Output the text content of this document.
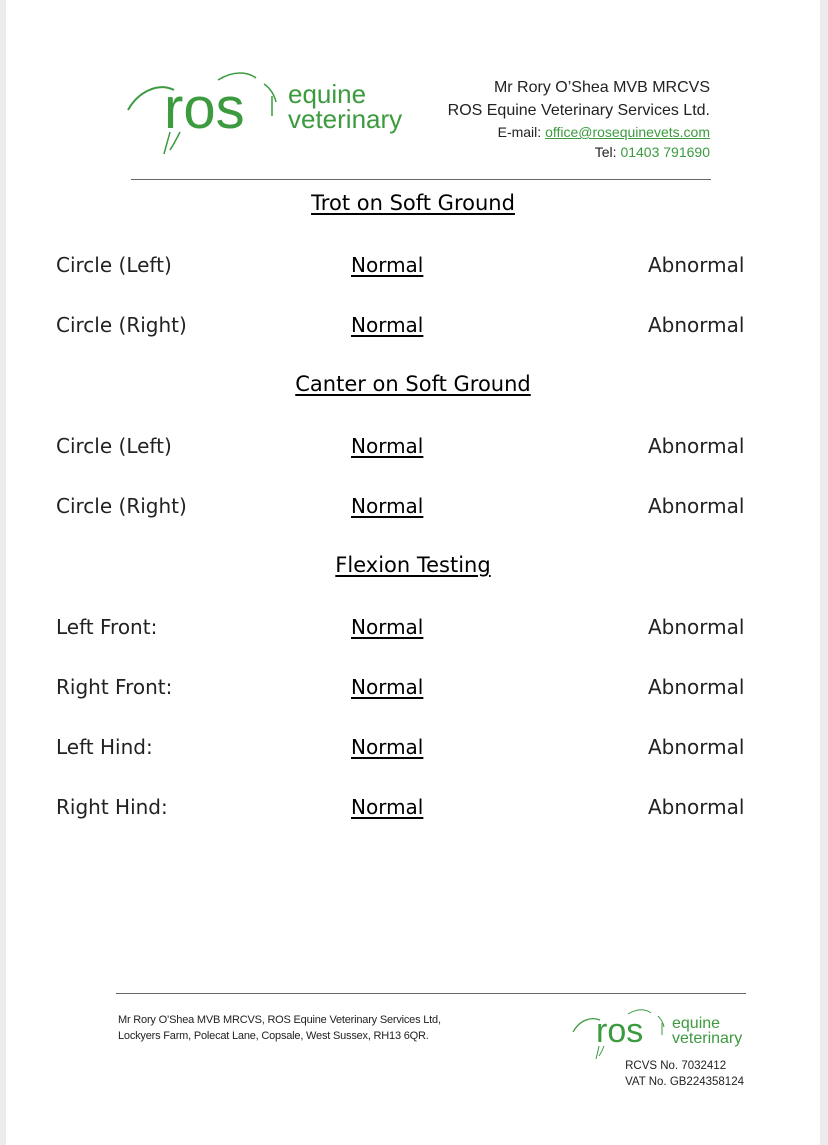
ros equine
veterinary
Mr Rory O’Shea MVB MRCVS
ROS Equine Veterinary Services Ltd.
E-mail: office@rosequinevets.com
Tel: 01403 791690
Trot on Soft Ground
Circle (Left)	Normal	Abnormal
Circle (Right)	Normal	Abnormal
Canter on Soft Ground
Circle (Left)	Normal	Abnormal
Circle (Right)	Normal	Abnormal
Flexion Testing
Left Front:	Normal	Abnormal
Right Front:	Normal	Abnormal
Left Hind:	Normal	Abnormal
Right Hind:	Normal	Abnormal
Mr Rory O’Shea MVB MRCVS, ROS Equine Veterinary Services Ltd,
Lockyers Farm, Polecat Lane, Copsale, West Sussex, RH13 6QR.	ros equine
veterinary
RCVS No. 7032412
VAT No. GB224358124
